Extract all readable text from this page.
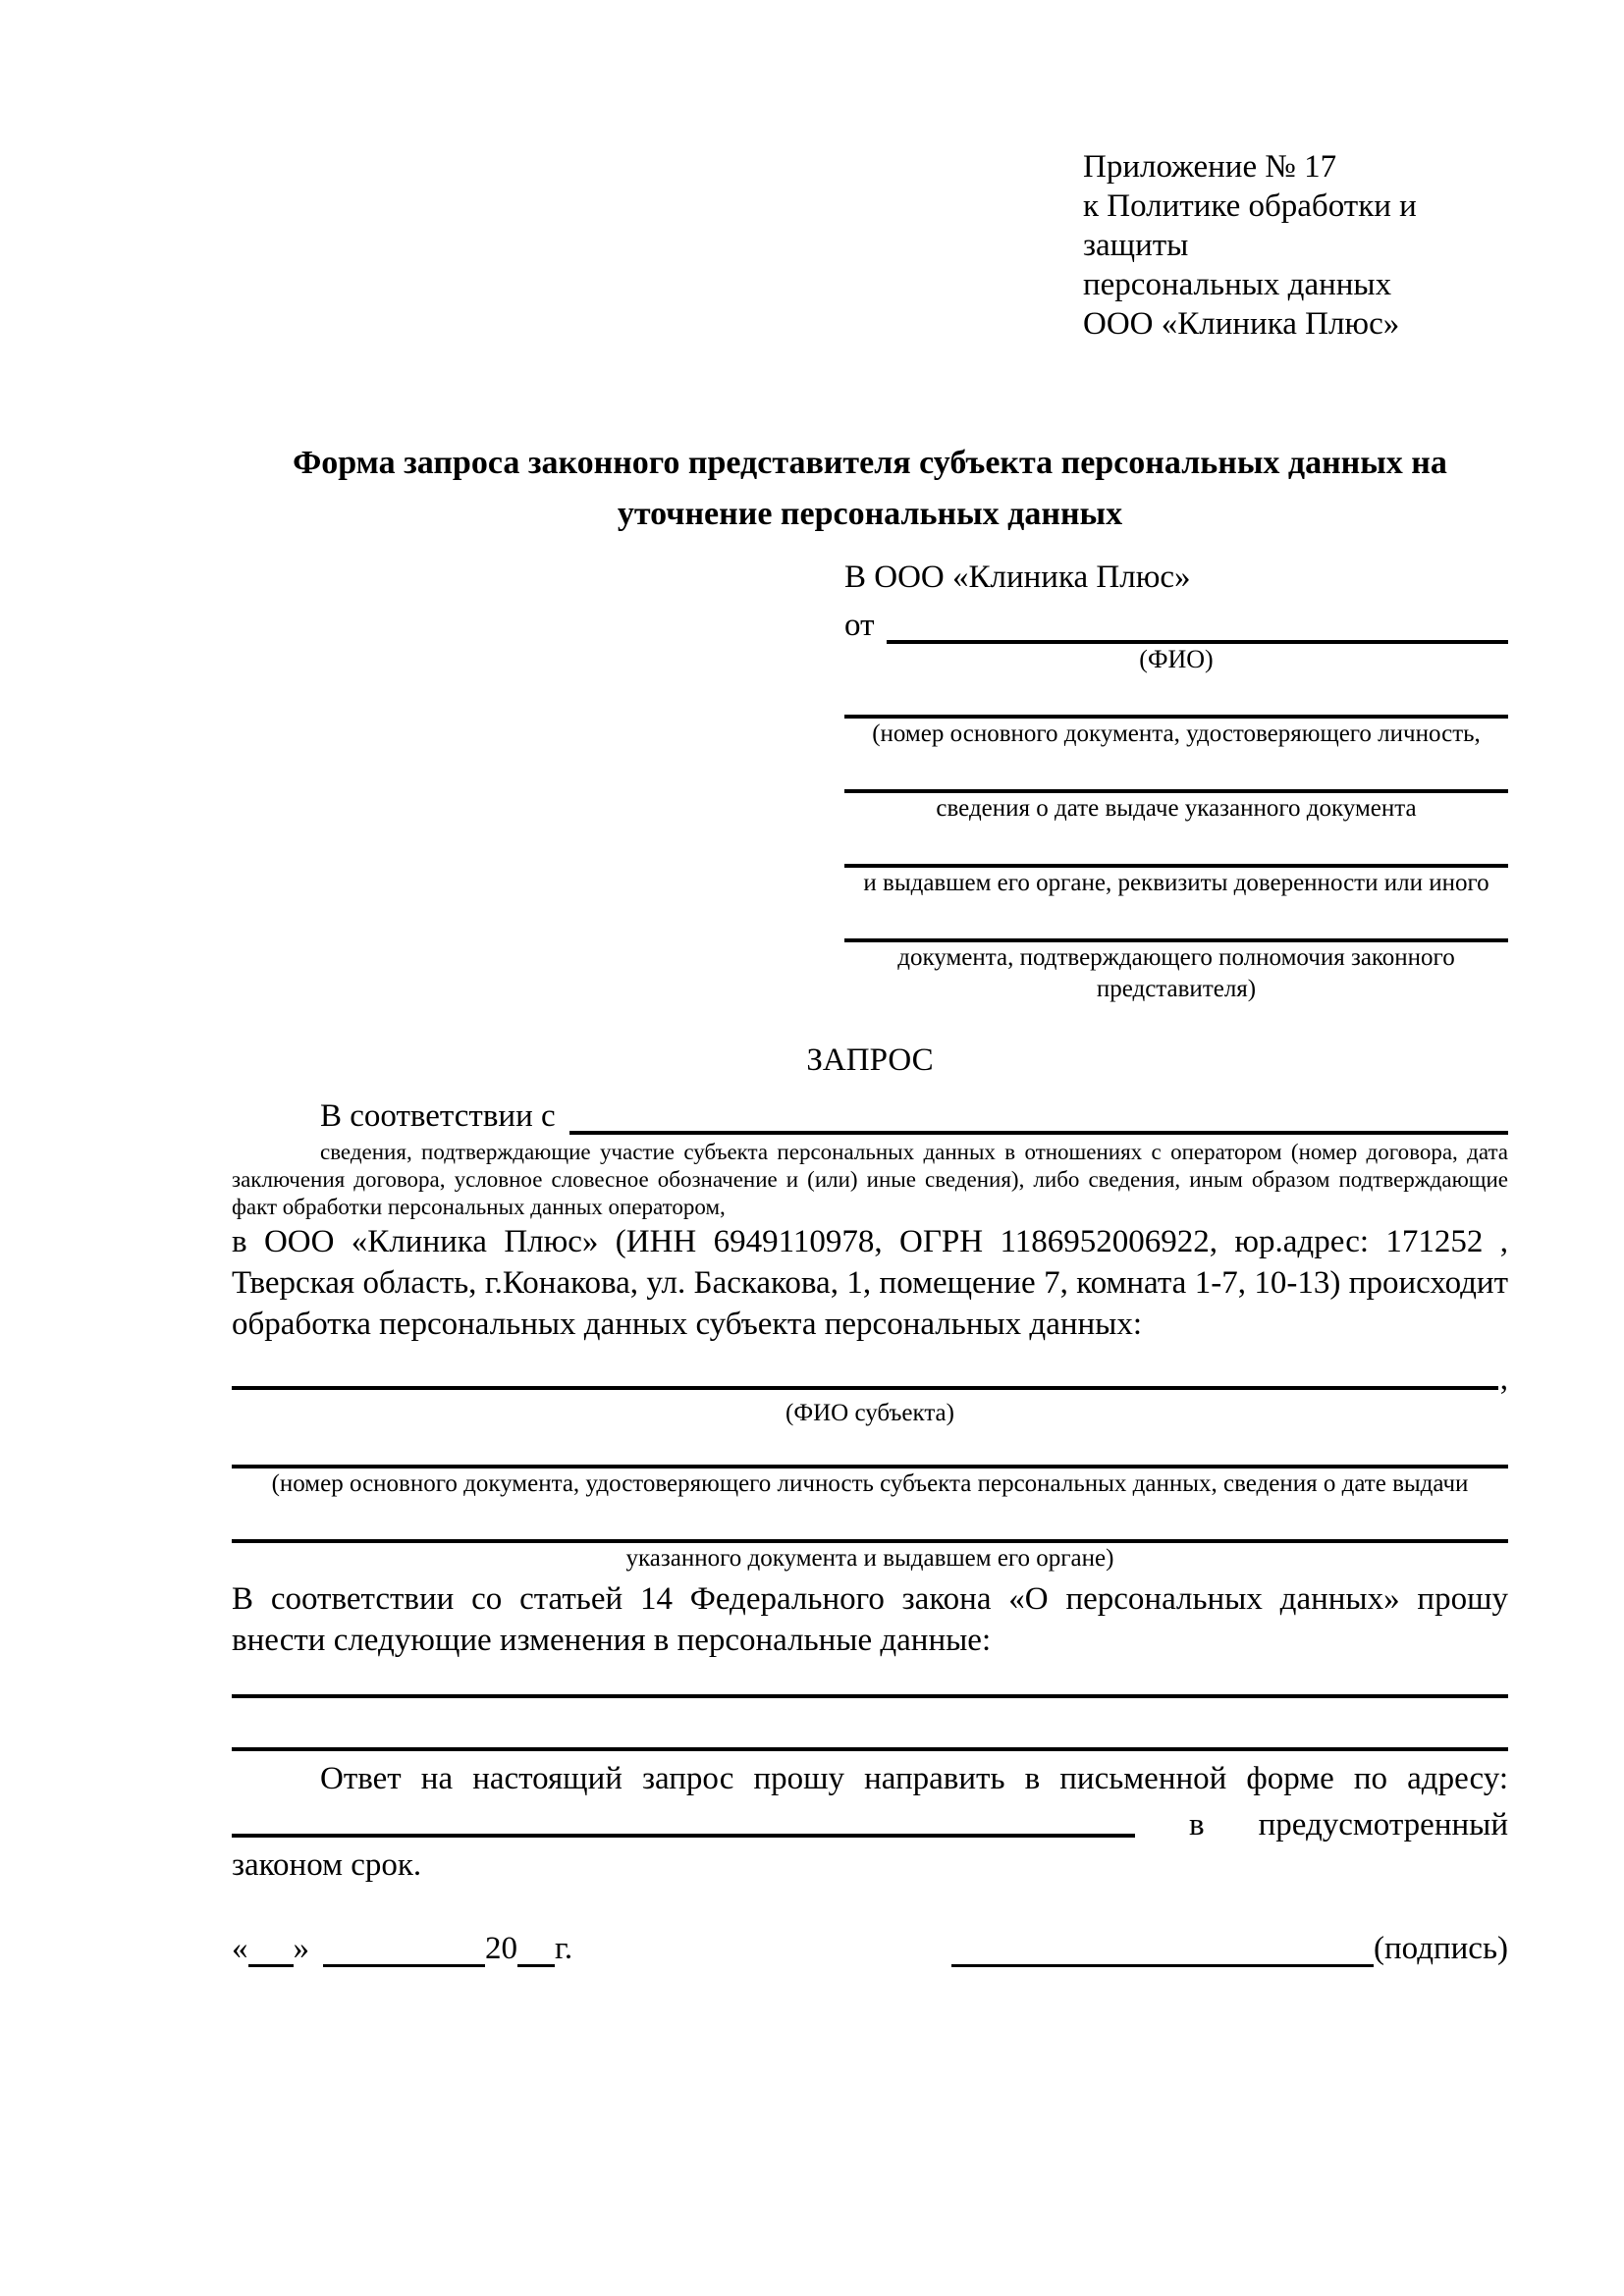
Приложение № 17
к Политике обработки и защиты
персональных данных
ООО «Клиника Плюс»
Форма запроса законного представителя субъекта персональных данных на уточнение персональных данных
В ООО «Клиника Плюс»
от
(ФИО)
(номер основного документа, удостоверяющего личность,
сведения о дате выдаче указанного документа
и выдавшем его органе, реквизиты доверенности или иного
документа, подтверждающего полномочия законного представителя)
ЗАПРОС
В соответствии с
сведения, подтверждающие участие субъекта персональных данных в отношениях с оператором (номер договора, дата заключения договора, условное словесное обозначение и (или) иные сведения), либо сведения, иным образом подтверждающие факт обработки персональных данных оператором,
в ООО «Клиника Плюс» (ИНН 6949110978, ОГРН 1186952006922, юр.адрес: 171252 , Тверская область, г.Конакова, ул. Баскакова, 1, помещение 7, комната 1-7, 10-13) происходит обработка персональных данных субъекта персональных данных:
,
(ФИО субъекта)
(номер основного документа, удостоверяющего личность субъекта персональных данных, сведения о дате выдачи
указанного документа и выдавшем его органе)
В соответствии со статьей 14 Федерального закона «О персональных данных» прошу внести следующие изменения в персональные данные:
Ответ на настоящий запрос прошу направить в письменной форме по адресу:
в предусмотренный
законом срок.
« »	20 г.	(подпись)
